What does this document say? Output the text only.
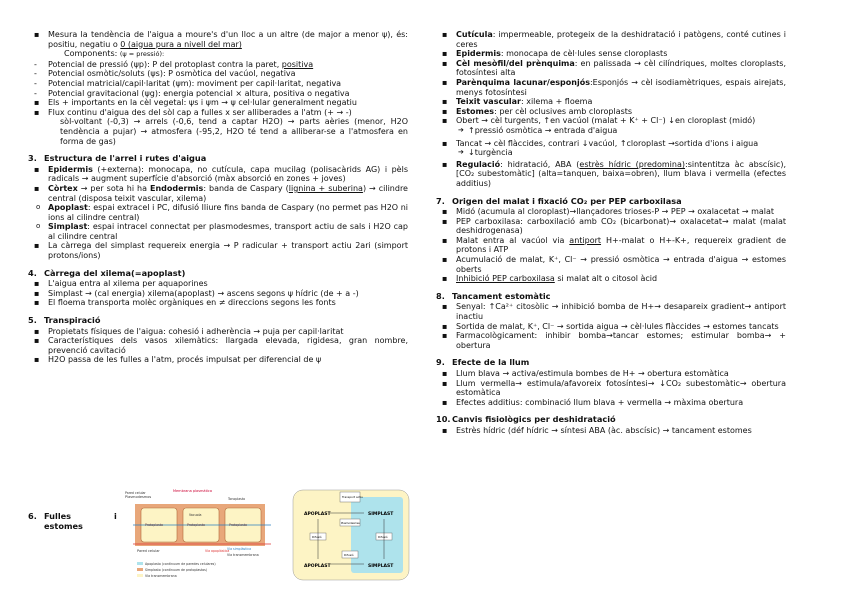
▪ Mesura la tendència de l'aigua a moure's d'un lloc a un altre (de major a menor ψ), és: positiu, negatiu o 0 (aigua pura a nivell del mar)
Components: (ψ = pressió):
- Potencial de pressió (ψp): P del protoplast contra la paret, positiva
- Potencial osmòtic/soluts (ψs): P osmòtica del vacúol, negativa
- Potencial matricial/capil·laritat (ψm): moviment per capil·laritat, negativa
- Potencial gravitacional (ψg): energia potencial × altura, positiva o negativa
▪ Els + importants en la cèl vegetal: ψs i ψm → ψ cel·lular generalment negatiu
▪ Flux continu d'aigua des del sòl cap a fulles x ser alliberades a l'atm (+ → -)
sòl-voltant (-0,3) → arrels (-0,6, tend a captar H2O) → parts aèries (menor, H2O tendència a pujar) → atmosfera (-95,2, H2O té tend a alliberar-se a l'atmosfera en forma de gas)
3. Estructura de l'arrel i rutes d'aigua
▪ Epidermis (+externa): monocapa, no cutícula, capa mucilag (polisacàrids AG) i pèls radicals → augment superfície d'absorció (màx absorció en zones + joves)
▪ Còrtex → per sota hi ha Endodermis: banda de Caspary (lignina + suberina) → cilindre central (disposa teixit vascular, xilema)
o Apoplast: espai extracel i PC, difusió lliure fins banda de Caspary (no permet pas H2O ni ions al cilindre central)
o Simplast: espai intracel connectat per plasmodesmes, transport actiu de sals i H2O cap al cilindre central
▪ La càrrega del simplast requereix energia → P radicular + transport actiu 2ari (simport protons/ions)
4. Càrrega del xilema(=apoplast)
▪ L'aigua entra al xilema per aquaporines
▪ Simplast → (cal energia) xilema(apoplast) → ascens segons ψ hídric (de + a -)
▪ El floema transporta molèc orgàniques en ≠ direccions segons les fonts
5. Transpiració
▪ Propietats físiques de l'aigua: cohesió i adherència → puja per capil·laritat
▪ Característiques dels vasos xilemàtics: llargada elevada, rigidesa, gran nombre, prevenció cavitació
▪ H2O passa de les fulles a l'atm, procés impulsat per diferencial de ψ
6. Fulles	i

estomes
Plasmodesmos
Membrana plasmática
Protoplasto	Protoplasto	Protoplasto
Tonoplasto
Vacuola
Pared celular	Vía apoplástica
Vía simplástica
Pared celular
Vía transmembrana
Apoplasto (continuum de paredes celulares)
Simplasto (continuum de protoplastos)
Vía transmembrana
APOPLAST
APOPLAST
SIMPLAST
SIMPLAST
Transport actiu
Difusió	Difusió
Difusió
Plasmodesmes
▪ Cutícula: impermeable, protegeix de la deshidratació i patògens, conté cutines i ceres
▪ Epidermis: monocapa de cèl·lules sense cloroplasts
▪ Cèl mesòfil/del prènquima: en palissada → cèl cilíndriques, moltes cloroplasts, fotosíntesi alta
▪ Parènquima lacunar/esponjós:Esponjós → cèl isodiamètriques, espais airejats, menys fotosíntesi
▪ Teixit vascular: xilema + floema
▪ Estomes: per cèl oclusives amb cloroplasts
▪ Obert → cèl turgents, ↑en vacúol (malat + K⁺ + Cl⁻) ↓en cloroplast (midó)
➔ ↑pressió osmòtica → entrada d'aigua
▪ Tancat → cèl flàccides, contrari ↓vacúol, ↑cloroplast →sortida d'ions i aigua
➔ ↓turgència
▪ Regulació: hidratació, ABA (estrès hídric (predomina):sintentitza àc abscísic), [CO₂ subestomàtic] (alta=tanquen, baixa=obren), llum blava i vermella (efectes additius)
7. Origen del malat i fixació CO₂ per PEP carboxilasa
▪ Midó (acumula al cloroplast)→llançadores trioses-P → PEP → oxalacetat → malat
▪ PEP carboxilasa: carboxilació amb CO₂ (bicarbonat)→ oxalacetat→ malat (malat deshidrogenasa)
▪ Malat entra al vacúol via antiport H+-malat o H+-K+, requereix gradient de protons i ATP
▪ Acumulació de malat, K⁺, Cl⁻ → pressió osmòtica → entrada d'aigua → estomes oberts
▪ Inhibició PEP carboxilasa si malat alt o citosol àcid
8. Tancament estomàtic
▪ Senyal: ↑Ca²⁺ citosòlic → inhibició bomba de H+→ desapareix gradient→ antiport inactiu
▪ Sortida de malat, K⁺, Cl⁻ → sortida aigua → cèl·lules flàccides → estomes tancats
▪ Farmacològicament: inhibir bomba→tancar estomes; estimular bomba→ + obertura
9. Efecte de la llum
▪ Llum blava → activa/estimula bombes de H+ → obertura estomàtica
▪ Llum vermella→ estimula/afavoreix fotosíntesi→ ↓CO₂ subestomàtic→ obertura estomàtica
▪ Efectes additius: combinació llum blava + vermella → màxima obertura
10.Canvis fisiològics per deshidratació
▪ Estrès hídric (déf hídric → síntesi ABA (àc. abscísic) → tancament estomes
